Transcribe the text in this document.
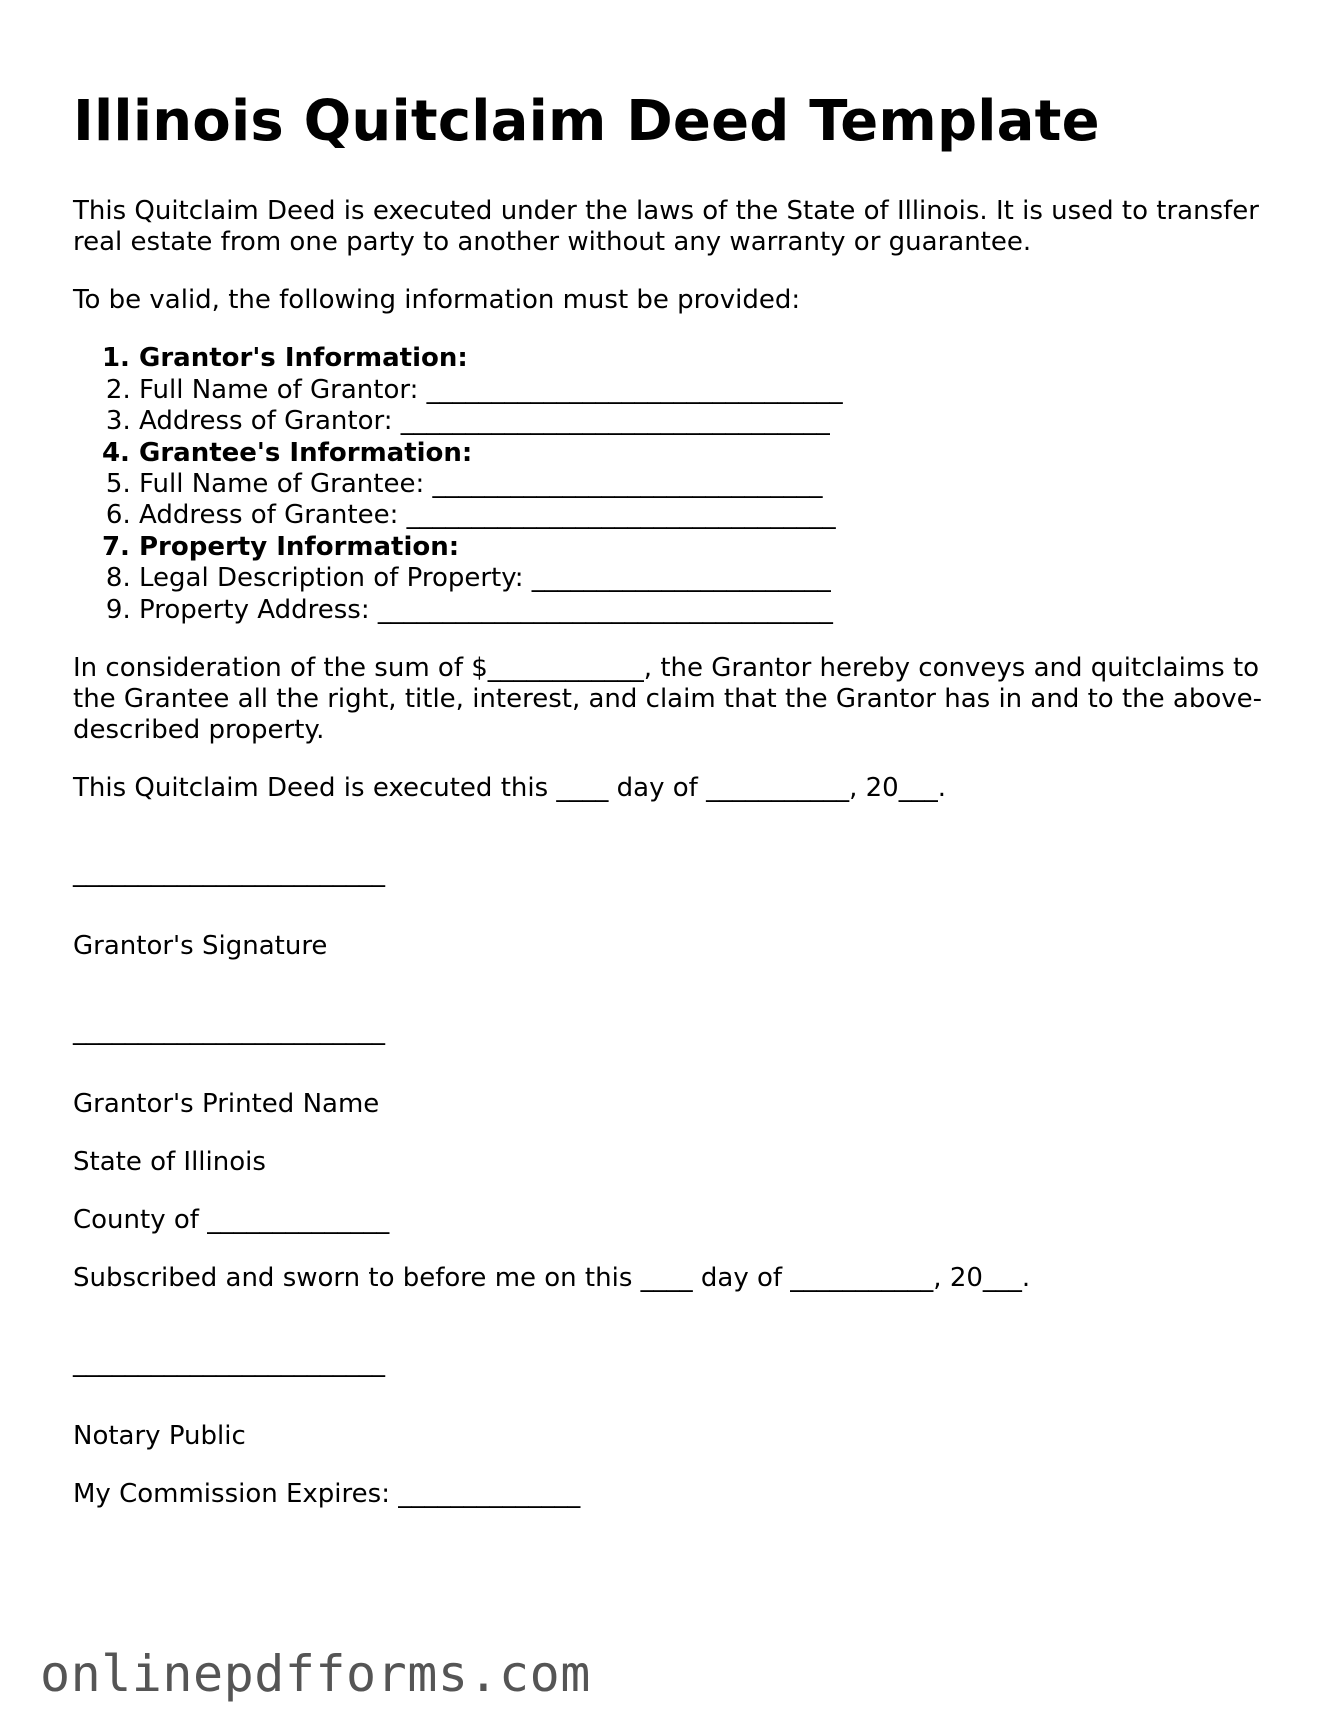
Illinois Quitclaim Deed Template

This Quitclaim Deed is executed under the laws of the State of Illinois. It is used to transfer real estate from one party to another without any warranty or guarantee.

To be valid, the following information must be provided:

1. Grantor's Information:
2. Full Name of Grantor: ________________________________
3. Address of Grantor: _________________________________
4. Grantee's Information:
5. Full Name of Grantee: ______________________________
6. Address of Grantee: _________________________________
7. Property Information:
8. Legal Description of Property: _______________________
9. Property Address: ___________________________________

In consideration of the sum of $____________, the Grantor hereby conveys and quitclaims to the Grantee all the right, title, interest, and claim that the Grantor has in and to the above-described property.

This Quitclaim Deed is executed this ____ day of ___________, 20___.

________________________

Grantor's Signature

________________________

Grantor's Printed Name

State of Illinois

County of ______________

Subscribed and sworn to before me on this ____ day of ___________, 20___.

________________________

Notary Public

My Commission Expires: ______________

onlinepdfforms.com
